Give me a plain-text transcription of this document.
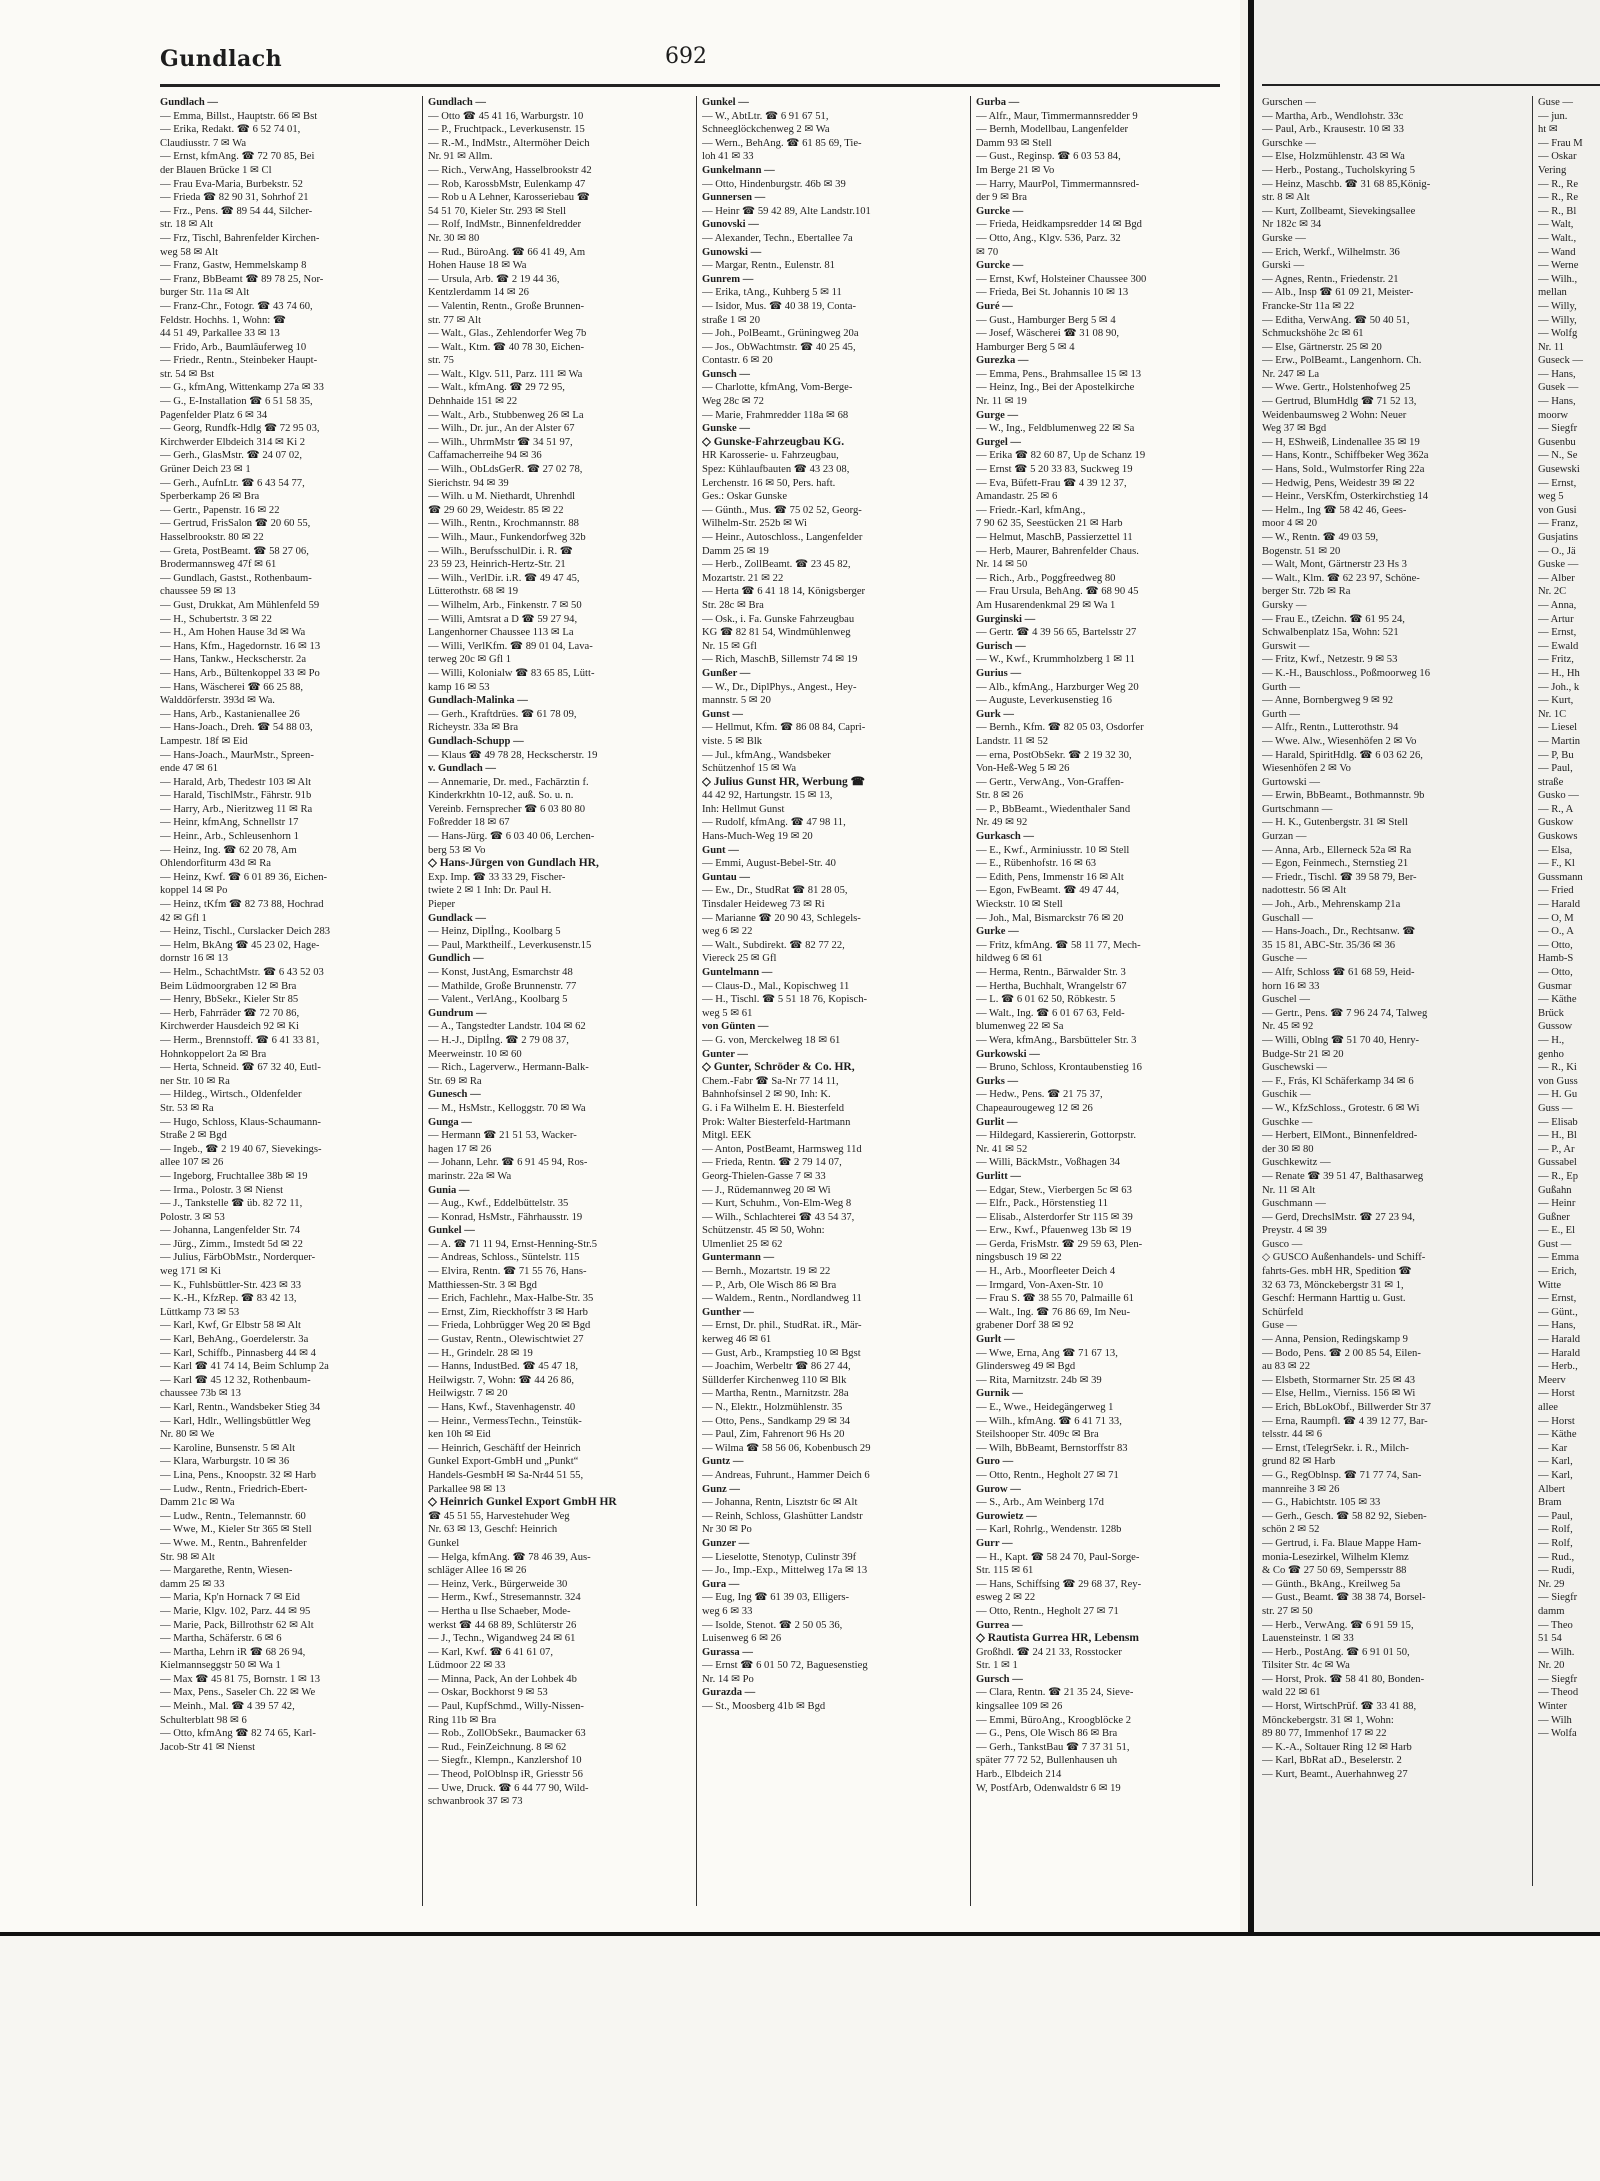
Gundlach	692
Gundlach —
— Emma, Billst., Hauptstr. 66 ✉ Bst
— Erika, Redakt. ☎ 6 52 74 01,
Claudiusstr. 7 ✉ Wa
— Ernst, kfmAng. ☎ 72 70 85, Bei
der Blauen Brücke 1 ✉ Cl
— Frau Eva-Maria, Burbekstr. 52
— Frieda ☎ 82 90 31, Sohrhof 21
— Frz., Pens. ☎ 89 54 44, Silcher-
str. 18 ✉ Alt
— Frz, Tischl, Bahrenfelder Kirchen-
weg 58 ✉ Alt
— Franz, Gastw, Hemmelskamp 8
— Franz, BbBeamt ☎ 89 78 25, Nor-
burger Str. 11a ✉ Alt
— Franz-Chr., Fotogr. ☎ 43 74 60,
Feldstr. Hochhs. 1, Wohn: ☎
44 51 49, Parkallee 33 ✉ 13
— Frido, Arb., Baumläuferweg 10
— Friedr., Rentn., Steinbeker Haupt-
str. 54 ✉ Bst
— G., kfmAng, Wittenkamp 27a ✉ 33
— G., E-Installation ☎ 6 51 58 35,
Pagenfelder Platz 6 ✉ 34
— Georg, Rundfk-Hdlg ☎ 72 95 03,
Kirchwerder Elbdeich 314 ✉ Ki 2
— Gerh., GlasMstr. ☎ 24 07 02,
Grüner Deich 23 ✉ 1
— Gerh., AufnLtr. ☎ 6 43 54 77,
Sperberkamp 26 ✉ Bra
— Gertr., Papenstr. 16 ✉ 22
— Gertrud, FrisSalon ☎ 20 60 55,
Hasselbrookstr. 80 ✉ 22
— Greta, PostBeamt. ☎ 58 27 06,
Brodermannsweg 47f ✉ 61
— Gundlach, Gastst., Rothenbaum-
chaussee 59 ✉ 13
— Gust, Drukkat, Am Mühlenfeld 59
— H., Schubertstr. 3 ✉ 22
— H., Am Hohen Hause 3d ✉ Wa
— Hans, Kfm., Hagedornstr. 16 ✉ 13
— Hans, Tankw., Heckscherstr. 2a
— Hans, Arb., Bültenkoppel 33 ✉ Po
— Hans, Wäscherei ☎ 66 25 88,
Walddörferstr. 393d ✉ Wa.
— Hans, Arb., Kastanienallee 26
— Hans-Joach., Dreh. ☎ 54 88 03,
Lampestr. 18f ✉ Eid
— Hans-Joach., MaurMstr., Spreen-
ende 47 ✉ 61
— Harald, Arb, Thedestr 103 ✉ Alt
— Harald, TischlMstr., Fährstr. 91b
— Harry, Arb., Nieritzweg 11 ✉ Ra
— Heinr, kfmAng, Schnellstr 17
— Heinr., Arb., Schleusenhorn 1
— Heinz, Ing. ☎ 62 20 78, Am
Ohlendorfiturm 43d ✉ Ra
— Heinz, Kwf. ☎ 6 01 89 36, Eichen-
koppel 14 ✉ Po
— Heinz, tKfm ☎ 82 73 88, Hochrad
42 ✉ Gfl 1
— Heinz, Tischl., Curslacker Deich 283
— Helm, BkAng ☎ 45 23 02, Hage-
dornstr 16 ✉ 13
— Helm., SchachtMstr. ☎ 6 43 52 03
Beim Lüdmoorgraben 12 ✉ Bra
— Henry, BbSekr., Kieler Str 85
— Herb, Fahrräder ☎ 72 70 86,
Kirchwerder Hausdeich 92 ✉ Ki
— Herm., Brennstoff. ☎ 6 41 33 81,
Hohnkoppelort 2a ✉ Bra
— Herta, Schneid. ☎ 67 32 40, Eutl-
ner Str. 10 ✉ Ra
— Hildeg., Wirtsch., Oldenfelder
Str. 53 ✉ Ra
— Hugo, Schloss, Klaus-Schaumann-
Straße 2 ✉ Bgd
— Ingeb., ☎ 2 19 40 67, Sievekings-
allee 107 ✉ 26
— Ingeborg, Fruchtallee 38b ✉ 19
— Irma., Polostr. 3 ✉ Nienst
— J., Tankstelle ☎ üb. 82 72 11,
Polostr. 3 ✉ 53
— Johanna, Langenfelder Str. 74
— Jürg., Zimm., Imstedt 5d ✉ 22
— Julius, FärbObMstr., Norderquer-
weg 171 ✉ Ki
— K., Fuhlsbüttler-Str. 423 ✉ 33
— K.-H., KfzRep. ☎ 83 42 13,
Lüttkamp 73 ✉ 53
— Karl, Kwf, Gr Elbstr 58 ✉ Alt
— Karl, BehAng., Goerdelerstr. 3a
— Karl, Schiffb., Pinnasberg 44 ✉ 4
— Karl ☎ 41 74 14, Beim Schlump 2a
— Karl ☎ 45 12 32, Rothenbaum-
chaussee 73b ✉ 13
— Karl, Rentn., Wandsbeker Stieg 34
— Karl, Hdlr., Wellingsbüttler Weg
Nr. 80 ✉ We
— Karoline, Bunsenstr. 5 ✉ Alt
— Klara, Warburgstr. 10 ✉ 36
— Lina, Pens., Knoopstr. 32 ✉ Harb
— Ludw., Rentn., Friedrich-Ebert-
Damm 21c ✉ Wa
— Ludw., Rentn., Telemannstr. 60
— Wwe, M., Kieler Str 365 ✉ Stell
— Wwe. M., Rentn., Bahrenfelder
Str. 98 ✉ Alt
— Margarethe, Rentn, Wiesen-
damm 25 ✉ 33
— Maria, Kp'n Hornack 7 ✉ Eid
— Marie, Klgv. 102, Parz. 44 ✉ 95
— Marie, Pack, Billrothstr 62 ✉ Alt
— Martha, Schäferstr. 6 ✉ 6
— Martha, Lehrn iR ☎ 68 26 94,
Kielmannseggstr 50 ✉ Wa 1
— Max ☎ 45 81 75, Bornstr. 1 ✉ 13
— Max, Pens., Saseler Ch. 22 ✉ We
— Meinh., Mal. ☎ 4 39 57 42,
Schulterblatt 98 ✉ 6
— Otto, kfmAng ☎ 82 74 65, Karl-
Jacob-Str 41 ✉ Nienst
Gundlach —
— Otto ☎ 45 41 16, Warburgstr. 10
— P., Fruchtpack., Leverkusenstr. 15
— R.-M., IndMstr., Altermöher Deich
Nr. 91 ✉ Allm.
— Rich., VerwAng, Hasselbrookstr 42
— Rob, KarossbMstr, Eulenkamp 47
— Rob u A Lehner, Karosseriebau ☎
54 51 70, Kieler Str. 293 ✉ Stell
— Rolf, IndMstr., Binnenfeldredder
Nr. 30 ✉ 80
— Rud., BüroAng. ☎ 66 41 49, Am
Hohen Hause 18 ✉ Wa
— Ursula, Arb. ☎ 2 19 44 36,
Kentzlerdamm 14 ✉ 26
— Valentin, Rentn., Große Brunnen-
str. 77 ✉ Alt
— Walt., Glas., Zehlendorfer Weg 7b
— Walt., Ktm. ☎ 40 78 30, Eichen-
str. 75
— Walt., Klgv. 511, Parz. 111 ✉ Wa
— Walt., kfmAng. ☎ 29 72 95,
Dehnhaide 151 ✉ 22
— Walt., Arb., Stubbenweg 26 ✉ La
— Wilh., Dr. jur., An der Alster 67
— Wilh., UhrmMstr ☎ 34 51 97,
Caffamacherreihe 94 ✉ 36
— Wilh., ObLdsGerR. ☎ 27 02 78,
Sierichstr. 94 ✉ 39
— Wilh. u M. Niethardt, Uhrenhdl
☎ 29 60 29, Weidestr. 85 ✉ 22
— Wilh., Rentn., Krochmannstr. 88
— Wilh., Maur., Funkendorfweg 32b
— Wilh., BerufsschulDir. i. R. ☎
23 59 23, Heinrich-Hertz-Str. 21
— Wilh., VerlDir. i.R. ☎ 49 47 45,
Lütterothstr. 68 ✉ 19
— Wilhelm, Arb., Finkenstr. 7 ✉ 50
— Willi, Amtsrat a D ☎ 59 27 94,
Langenhorner Chaussee 113 ✉ La
— Willi, VerlKfm. ☎ 89 01 04, Lava-
terweg 20c ✉ Gfl 1
— Willi, Kolonialw ☎ 83 65 85, Lütt-
kamp 16 ✉ 53
Gundlach-Malinka —
— Gerh., Kraftdrües. ☎ 61 78 09,
Richeystr. 33a ✉ Bra
Gundlach-Schupp —
— Klaus ☎ 49 78 28, Heckscherstr. 19
v. Gundlach —
— Annemarie, Dr. med., Fachärztin f.
Kinderkrkhtn 10-12, auß. So. u. n.
Vereinb. Fernsprecher ☎ 6 03 80 80
Foßredder 18 ✉ 67
— Hans-Jürg. ☎ 6 03 40 06, Lerchen-
berg 53 ✉ Vo
◇ Hans-Jürgen von Gundlach HR,
Exp. Imp. ☎ 33 33 29, Fischer-
twiete 2 ✉ 1 Inh: Dr. Paul H.
Pieper
Gundlack —
— Heinz, Diplİng., Koolbarg 5
— Paul, Marktheilf., Leverkusenstr.15
Gundlich —
— Konst, JustAng, Esmarchstr 48
— Mathilde, Große Brunnenstr. 77
— Valent., VerlAng., Koolbarg 5
Gundrum —
— A., Tangstedter Landstr. 104 ✉ 62
— H.-J., Diplİng. ☎ 2 79 08 37,
Meerweinstr. 10 ✉ 60
— Rich., Lagerverw., Hermann-Balk-
Str. 69 ✉ Ra
Gunesch —
— M., HsMstr., Kelloggstr. 70 ✉ Wa
Gunga —
— Hermann ☎ 21 51 53, Wacker-
hagen 17 ✉ 26
— Johann, Lehr. ☎ 6 91 45 94, Ros-
marinstr. 22a ✉ Wa
Gunia —
— Aug., Kwf., Eddelbüttelstr. 35
— Konrad, HsMstr., Fährhausstr. 19
Gunkel —
— A. ☎ 71 11 94, Ernst-Henning-Str.5
— Andreas, Schloss., Süntelstr. 115
— Elvira, Rentn. ☎ 71 55 76, Hans-
Matthiessen-Str. 3 ✉ Bgd
— Erich, Fachlehr., Max-Halbe-Str. 35
— Ernst, Zim, Rieckhoffstr 3 ✉ Harb
— Frieda, Lohbrügger Weg 20 ✉ Bgd
— Gustav, Rentn., Olewischtwiet 27
— H., Grindelr. 28 ✉ 19
— Hanns, IndustBed. ☎ 45 47 18,
Heilwigstr. 7, Wohn: ☎ 44 26 86,
Heilwigstr. 7 ✉ 20
— Hans, Kwf., Stavenhagenstr. 40
— Heinr., VermessTechn., Teinstük-
ken 10h ✉ Eid
— Heinrich, Geschäftf der Heinrich
Gunkel Export-GmbH und „Punkt“
Handels-GesmbH ✉ Sa-Nr44 51 55,
Parkallee 98 ✉ 13
◇ Heinrich Gunkel Export GmbH HR
☎ 45 51 55, Harvestehuder Weg
Nr. 63 ✉ 13, Geschf: Heinrich
Gunkel
— Helga, kfmAng. ☎ 78 46 39, Aus-
schläger Allee 16 ✉ 26
— Heinz, Verk., Bürgerweide 30
— Herm., Kwf., Stresemannstr. 324
— Hertha u Ilse Schaeber, Mode-
werkst ☎ 44 68 89, Schlüterstr 26
— J., Techn., Wigandweg 24 ✉ 61
— Karl, Kwf. ☎ 6 41 61 07,
Lüdmoor 22 ✉ 33
— Minna, Pack, An der Lohbek 4b
— Oskar, Bockhorst 9 ✉ 53
— Paul, KupfSchmd., Willy-Nissen-
Ring 11b ✉ Bra
— Rob., ZollObSekr., Baumacker 63
— Rud., FeinZeichnung. 8 ✉ 62
— Siegfr., Klempn., Kanzlershof 10
— Theod, PolOblnsp iR, Griesstr 56
— Uwe, Druck. ☎ 6 44 77 90, Wild-
schwanbrook 37 ✉ 73
Gunkel —
— W., AbtLtr. ☎ 6 91 67 51,
Schneeglöckchenweg 2 ✉ Wa
— Wern., BehAng. ☎ 61 85 69, Tie-
loh 41 ✉ 33
Gunkelmann —
— Otto, Hindenburgstr. 46b ✉ 39
Gunnersen —
— Heinr ☎ 59 42 89, Alte Landstr.101
Gunovski —
— Alexander, Techn., Ebertallee 7a
Gunowski —
— Margar, Rentn., Eulenstr. 81
Gunrem —
— Erika, tAng., Kuhberg 5 ✉ 11
— Isidor, Mus. ☎ 40 38 19, Conta-
straße 1 ✉ 20
— Joh., PolBeamt., Grüningweg 20a
— Jos., ObWachtmstr. ☎ 40 25 45,
Contastr. 6 ✉ 20
Gunsch —
— Charlotte, kfmAng, Vom-Berge-
Weg 28c ✉ 72
— Marie, Frahmredder 118a ✉ 68
Gunske —
◇ Gunske-Fahrzeugbau KG.
HR Karosserie- u. Fahrzeugbau,
Spez: Kühlaufbauten ☎ 43 23 08,
Lerchenstr. 16 ✉ 50, Pers. haft.
Ges.: Oskar Gunske
— Günth., Mus. ☎ 75 02 52, Georg-
Wilhelm-Str. 252b ✉ Wi
— Heinr., Autoschloss., Langenfelder
Damm 25 ✉ 19
— Herb., ZollBeamt. ☎ 23 45 82,
Mozartstr. 21 ✉ 22
— Herta ☎ 6 41 18 14, Königsberger
Str. 28c ✉ Bra
— Osk., i. Fa. Gunske Fahrzeugbau
KG ☎ 82 81 54, Windmühlenweg
Nr. 15 ✉ Gfl
— Rich, MaschB, Sillemstr 74 ✉ 19
Gunßer —
— W., Dr., DiplPhys., Angest., Hey-
mannstr. 5 ✉ 20
Gunst —
— Hellmut, Kfm. ☎ 86 08 84, Capri-
viste. 5 ✉ Blk
— Jul., kfmAng., Wandsbeker
Schützenhof 15 ✉ Wa
◇ Julius Gunst HR, Werbung ☎
44 42 92, Hartungstr. 15 ✉ 13,
Inh: Hellmut Gunst
— Rudolf, kfmAng. ☎ 47 98 11,
Hans-Much-Weg 19 ✉ 20
Gunt —
— Emmi, August-Bebel-Str. 40
Guntau —
— Ew., Dr., StudRat ☎ 81 28 05,
Tinsdaler Heideweg 73 ✉ Ri
— Marianne ☎ 20 90 43, Schlegels-
weg 6 ✉ 22
— Walt., Subdirekt. ☎ 82 77 22,
Viereck 25 ✉ Gfl
Guntelmann —
— Claus-D., Mal., Kopischweg 11
— H., Tischl. ☎ 5 51 18 76, Kopisch-
weg 5 ✉ 61
von Günten —
— G. von, Merckelweg 18 ✉ 61
Gunter —
◇ Gunter, Schröder & Co. HR,
Chem.-Fabr ☎ Sa-Nr 77 14 11,
Bahnhofsinsel 2 ✉ 90, Inh: K.
G. i Fa Wilhelm E. H. Biesterfeld
Prok: Walter Biesterfeld-Hartmann
Mitgl. EEK
— Anton, PostBeamt, Harmsweg 11d
— Frieda, Rentn. ☎ 2 79 14 07,
Georg-Thielen-Gasse 7 ✉ 33
— J., Rüdemannweg 20 ✉ Wi
— Kurt, Schuhm., Von-Elm-Weg 8
— Wilh., Schlachterei ☎ 43 54 37,
Schützenstr. 45 ✉ 50, Wohn:
Ulmenliet 25 ✉ 62
Guntermann —
— Bernh., Mozartstr. 19 ✉ 22
— P., Arb, Ole Wisch 86 ✉ Bra
— Waldem., Rentn., Nordlandweg 11
Gunther —
— Ernst, Dr. phil., StudRat. iR., Mär-
kerweg 46 ✉ 61
— Gust, Arb., Krampstieg 10 ✉ Bgst
— Joachim, Werbeltr ☎ 86 27 44,
Süllderfer Kirchenweg 110 ✉ Blk
— Martha, Rentn., Marnitzstr. 28a
— N., Elektr., Holzmühlenstr. 35
— Otto, Pens., Sandkamp 29 ✉ 34
— Paul, Zim, Fahrenort 96 Hs 20
— Wilma ☎ 58 56 06, Kobenbusch 29
Guntz —
— Andreas, Fuhrunt., Hammer Deich 6
Gunz —
— Johanna, Rentn, Lisztstr 6c ✉ Alt
— Reinh, Schloss, Glashütter Landstr
Nr 30 ✉ Po
Gunzer —
— Lieselotte, Stenotyp, Culinstr 39f
— Jo., Imp.-Exp., Mittelweg 17a ✉ 13
Gura —
— Eug, Ing ☎ 61 39 03, Elligers-
weg 6 ✉ 33
— Isolde, Stenot. ☎ 2 50 05 36,
Luisenweg 6 ✉ 26
Gurassa —
— Ernst ☎ 6 01 50 72, Baguesenstieg
Nr. 14 ✉ Po
Gurazda —
— St., Moosberg 41b ✉ Bgd
Gurba —
— Alfr., Maur, Timmermannsredder 9
— Bernh, Modellbau, Langenfelder
Damm 93 ✉ Stell
— Gust., Reginsp. ☎ 6 03 53 84,
Im Berge 21 ✉ Vo
— Harry, MaurPol, Timmermannsred-
der 9 ✉ Bra
Gurcke —
— Frieda, Heidkampsredder 14 ✉ Bgd
— Otto, Ang., Klgv. 536, Parz. 32
✉ 70
Gurcke —
— Ernst, Kwf, Holsteiner Chaussee 300
— Frieda, Bei St. Johannis 10 ✉ 13
Guré —
— Gust., Hamburger Berg 5 ✉ 4
— Josef, Wäscherei ☎ 31 08 90,
Hamburger Berg 5 ✉ 4
Gurezka —
— Emma, Pens., Brahmsallee 15 ✉ 13
— Heinz, Ing., Bei der Apostelkirche
Nr. 11 ✉ 19
Gurge —
— W., Ing., Feldblumenweg 22 ✉ Sa
Gurgel —
— Erika ☎ 82 60 87, Up de Schanz 19
— Ernst ☎ 5 20 33 83, Suckweg 19
— Eva, Büfett-Frau ☎ 4 39 12 37,
Amandastr. 25 ✉ 6
— Friedr.-Karl, kfmAng.,
7 90 62 35, Seestücken 21 ✉ Harb
— Helmut, MaschB, Passierzettel 11
— Herb, Maurer, Bahrenfelder Chaus.
Nr. 14 ✉ 50
— Rich., Arb., Poggfreedweg 80
— Frau Ursula, BehAng. ☎ 68 90 45
Am Husarendenkmal 29 ✉ Wa 1
Gurginski —
— Gertr. ☎ 4 39 56 65, Bartelsstr 27
Gurisch —
— W., Kwf., Krummholzberg 1 ✉ 11
Gurius —
— Alb., kfmAng., Harzburger Weg 20
— Auguste, Leverkusenstieg 16
Gurk —
— Bernh., Kfm. ☎ 82 05 03, Osdorfer
Landstr. 11 ✉ 52
— erna, PostObSekr. ☎ 2 19 32 30,
Von-Heß-Weg 5 ✉ 26
— Gertr., VerwAng., Von-Graffen-
Str. 8 ✉ 26
— P., BbBeamt., Wiedenthaler Sand
Nr. 49 ✉ 92
Gurkasch —
— E., Kwf., Arminiusstr. 10 ✉ Stell
— E., Rübenhofstr. 16 ✉ 63
— Edith, Pens, Immenstr 16 ✉ Alt
— Egon, FwBeamt. ☎ 49 47 44,
Wieckstr. 10 ✉ Stell
— Joh., Mal, Bismarckstr 76 ✉ 20
Gurke —
— Fritz, kfmAng. ☎ 58 11 77, Mech-
hildweg 6 ✉ 61
— Herma, Rentn., Bärwalder Str. 3
— Hertha, Buchhalt, Wrangelstr 67
— L. ☎ 6 01 62 50, Röbkestr. 5
— Walt., Ing. ☎ 6 01 67 63, Feld-
blumenweg 22 ✉ Sa
— Wera, kfmAng., Barsbütteler Str. 3
Gurkowski —
— Bruno, Schloss, Krontaubenstieg 16
Gurks —
— Hedw., Pens. ☎ 21 75 37,
Chapeaurougeweg 12 ✉ 26
Gurlit —
— Hildegard, Kassiererin, Gottorpstr.
Nr. 41 ✉ 52
— Willi, BäckMstr., Voßhagen 34
Gurlitt —
— Edgar, Stew., Vierbergen 5c ✉ 63
— Elfr., Pack., Hörstenstieg 11
— Elisab., Alsterdorfer Str 115 ✉ 39
— Erw., Kwf., Pfauenweg 13b ✉ 19
— Gerda, FrisMstr. ☎ 29 59 63, Plen-
ningsbusch 19 ✉ 22
— H., Arb., Moorfleeter Deich 4
— Irmgard, Von-Axen-Str. 10
— Frau S. ☎ 38 55 70, Palmaille 61
— Walt., Ing. ☎ 76 86 69, Im Neu-
grabener Dorf 38 ✉ 92
Gurlt —
— Wwe, Erna, Ang ☎ 71 67 13,
Glindersweg 49 ✉ Bgd
— Rita, Marnitzstr. 24b ✉ 39
Gurnik —
— E., Wwe., Heidegängerweg 1
— Wilh., kfmAng. ☎ 6 41 71 33,
Steilshooper Str. 409c ✉ Bra
— Wilh, BbBeamt, Bernstorffstr 83
Guro —
— Otto, Rentn., Hegholt 27 ✉ 71
Gurow —
— S., Arb., Am Weinberg 17d
Gurowietz —
— Karl, Rohrlg., Wendenstr. 128b
Gurr —
— H., Kapt. ☎ 58 24 70, Paul-Sorge-
Str. 115 ✉ 61
— Hans, Schiffsing ☎ 29 68 37, Rey-
esweg 2 ✉ 22
— Otto, Rentn., Hegholt 27 ✉ 71
Gurrea —
◇ Rautista Gurrea HR, Lebensm
Großhdl. ☎ 24 21 33, Rosstocker
Str. 1 ✉ 1
Gursch —
— Clara, Rentn. ☎ 21 35 24, Sieve-
kingsallee 109 ✉ 26
— Emmi, BüroAng., Kroogblöcke 2
— G., Pens, Ole Wisch 86 ✉ Bra
— Gerh., TankstBau ☎ 7 37 31 51,
später 77 72 52, Bullenhausen uh
Harb., Elbdeich 214
W, PostfArb, Odenwaldstr 6 ✉ 19
Gurschen —
— Martha, Arb., Wendlohstr. 33c
— Paul, Arb., Krausestr. 10 ✉ 33
Gurschke —
— Else, Holzmühlenstr. 43 ✉ Wa
— Herb., Postang., Tucholskyring 5
— Heinz, Maschb. ☎ 31 68 85,König-
str. 8 ✉ Alt
— Kurt, Zollbeamt, Sievekingsallee
Nr 182c ✉ 34
Gurske —
— Erich, Werkf., Wilhelmstr. 36
Gurski —
— Agnes, Rentn., Friedenstr. 21
— Alb., Insp ☎ 61 09 21, Meister-
Francke-Str 11a ✉ 22
— Editha, VerwAng. ☎ 50 40 51,
Schmuckshöhe 2c ✉ 61
— Else, Gärtnerstr. 25 ✉ 20
— Erw., PolBeamt., Langenhorn. Ch.
Nr. 247 ✉ La
— Wwe. Gertr., Holstenhofweg 25
— Gertrud, BlumHdlg ☎ 71 52 13,
Weidenbaumsweg 2 Wohn: Neuer
Weg 37 ✉ Bgd
— H, EShweiß, Lindenallee 35 ✉ 19
— Hans, Kontr., Schiffbeker Weg 362a
— Hans, Sold., Wulmstorfer Ring 22a
— Hedwig, Pens, Weidestr 39 ✉ 22
— Heinr., VersKfm, Osterkirchstieg 14
— Helm., Ing ☎ 58 42 46, Gees-
moor 4 ✉ 20
— W., Rentn. ☎ 49 03 59,
Bogenstr. 51 ✉ 20
— Walt, Mont, Gärtnerstr 23 Hs 3
— Walt., Klm. ☎ 62 23 97, Schöne-
berger Str. 72b ✉ Ra
Gursky —
— Frau E., tZeichn. ☎ 61 95 24,
Schwalbenplatz 15a, Wohn: 521
Gurswit —
— Fritz, Kwf., Netzestr. 9 ✉ 53
— K.-H., Bauschloss., Poßmoorweg 16
Gurth —
— Anne, Bornbergweg 9 ✉ 92
Gurth —
— Alfr., Rentn., Lutterothstr. 94
— Wwe. Alw., Wiesenhöfen 2 ✉ Vo
— Harald, SpiritHdlg. ☎ 6 03 62 26,
Wiesenhöfen 2 ✉ Vo
Gurtowski —
— Erwin, BbBeamt., Bothmannstr. 9b
Gurtschmann —
— H. K., Gutenbergstr. 31 ✉ Stell
Gurzan —
— Anna, Arb., Ellerneck 52a ✉ Ra
— Egon, Feinmech., Sternstieg 21
— Friedr., Tischl. ☎ 39 58 79, Ber-
nadottestr. 56 ✉ Alt
— Joh., Arb., Mehrenskamp 21a
Guschall —
— Hans-Joach., Dr., Rechtsanw. ☎
35 15 81, ABC-Str. 35/36 ✉ 36
Gusche —
— Alfr, Schloss ☎ 61 68 59, Heid-
horn 16 ✉ 33
Guschel —
— Gertr., Pens. ☎ 7 96 24 74, Talweg
Nr. 45 ✉ 92
— Willi, Oblng ☎ 51 70 40, Henry-
Budge-Str 21 ✉ 20
Guschewski —
— F., Frás, Kl Schäferkamp 34 ✉ 6
Guschik —
— W., KfzSchloss., Grotestr. 6 ✉ Wi
Guschke —
— Herbert, ElMont., Binnenfeldred-
der 30 ✉ 80
Guschkewitz —
— Renate ☎ 39 51 47, Balthasarweg
Nr. 11 ✉ Alt
Guschmann —
— Gerd, DrechslMstr. ☎ 27 23 94,
Preystr. 4 ✉ 39
Gusco —
◇ GUSCO Außenhandels- und Schiff-
fahrts-Ges. mbH HR, Spedition ☎
32 63 73, Mönckebergstr 31 ✉ 1,
Geschf: Hermann Harttig u. Gust.
Schürfeld
Guse —
— Anna, Pension, Redingskamp 9
— Bodo, Pens. ☎ 2 00 85 54, Eilen-
au 83 ✉ 22
— Elsbeth, Stormarner Str. 25 ✉ 43
— Else, Hellm., Vierniss. 156 ✉ Wi
— Erich, BbLokObf., Billwerder Str 37
— Erna, Raumpfl. ☎ 4 39 12 77, Bar-
telsstr. 44 ✉ 6
— Ernst, tTelegrSekr. i. R., Milch-
grund 82 ✉ Harb
— G., RegOblnsp. ☎ 71 77 74, San-
mannreihe 3 ✉ 26
— G., Habichtstr. 105 ✉ 33
— Gerh., Gesch. ☎ 58 82 92, Sieben-
schön 2 ✉ 52
— Gertrud, i. Fa. Blaue Mappe Ham-
monia-Lesezirkel, Wilhelm Klemz
& Co ☎ 27 50 69, Sempersstr 88
— Günth., BkAng., Kreilweg 5a
— Gust., Beamt. ☎ 38 38 74, Borsel-
str. 27 ✉ 50
— Herb., VerwAng. ☎ 6 91 59 15,
Lauensteinstr. 1 ✉ 33
— Herb., PostAng. ☎ 6 91 01 50,
Tilsiter Str. 4c ✉ Wa
— Horst, Prok. ☎ 58 41 80, Bonden-
wald 22 ✉ 61
— Horst, WirtschPrüf. ☎ 33 41 88,
Mönckebergstr. 31 ✉ 1, Wohn:
89 80 77, Immenhof 17 ✉ 22
— K.-A., Soltauer Ring 12 ✉ Harb
— Karl, BbRat aD., Beselerstr. 2
— Kurt, Beamt., Auerhahnweg 27
Guse —
— jun.
ht ✉
— Frau M
— Oskar
Vering
— R., Re
— R., Re
— R., Bl
— Walt,
— Walt.,
— Wand
— Werne
— Wilh.,
mellan
— Willy,
— Willy,
— Wolfg
Nr. 11
Guseck —
— Hans,
Gusek —
— Hans,
moorw
— Siegfr
Gusenbu
— N., Se
Gusewski
— Ernst,
weg 5
von Gusi
— Franz,
Gusjatins
— O., Jä
Guske —
— Alber
Nr. 2C
— Anna,
— Artur
— Ernst,
— Ewald
— Fritz,
— H., Hh
— Joh., k
— Kurt,
Nr. 1C
— Liesel
— Martin
— P, Bu
— Paul,
straße
Gusko —
— R., A
Guskow
Guskows
— Elsa,
— F., Kl
Gussmann
— Fried
— Harald
— O, M
— O., A
— Otto,
Hamb-S
— Otto,
Gusmar
— Käthe
Brück
Gussow
— H.,
genho
— R., Ki
von Guss
— H. Gu
Guss —
— Elisab
— H., Bl
— P., Ar
Gussabel
— R., Ep
Gußahn
— Heinr
Gußner
— E., El
Gust —
— Emma
— Erich,
Witte
— Ernst,
— Günt.,
— Hans,
— Harald
— Harald
— Herb.,
Meerv
— Horst
allee
— Horst
— Käthe
— Kar
— Karl,
— Karl,
Albert
Bram
— Paul,
— Rolf,
— Rolf,
— Rud.,
— Rudi,
Nr. 29
— Siegfr
damm
— Theo
51 54
— Wilh.
Nr. 20
— Siegfr
— Theod
Winter
— Wilh
— Wolfa
